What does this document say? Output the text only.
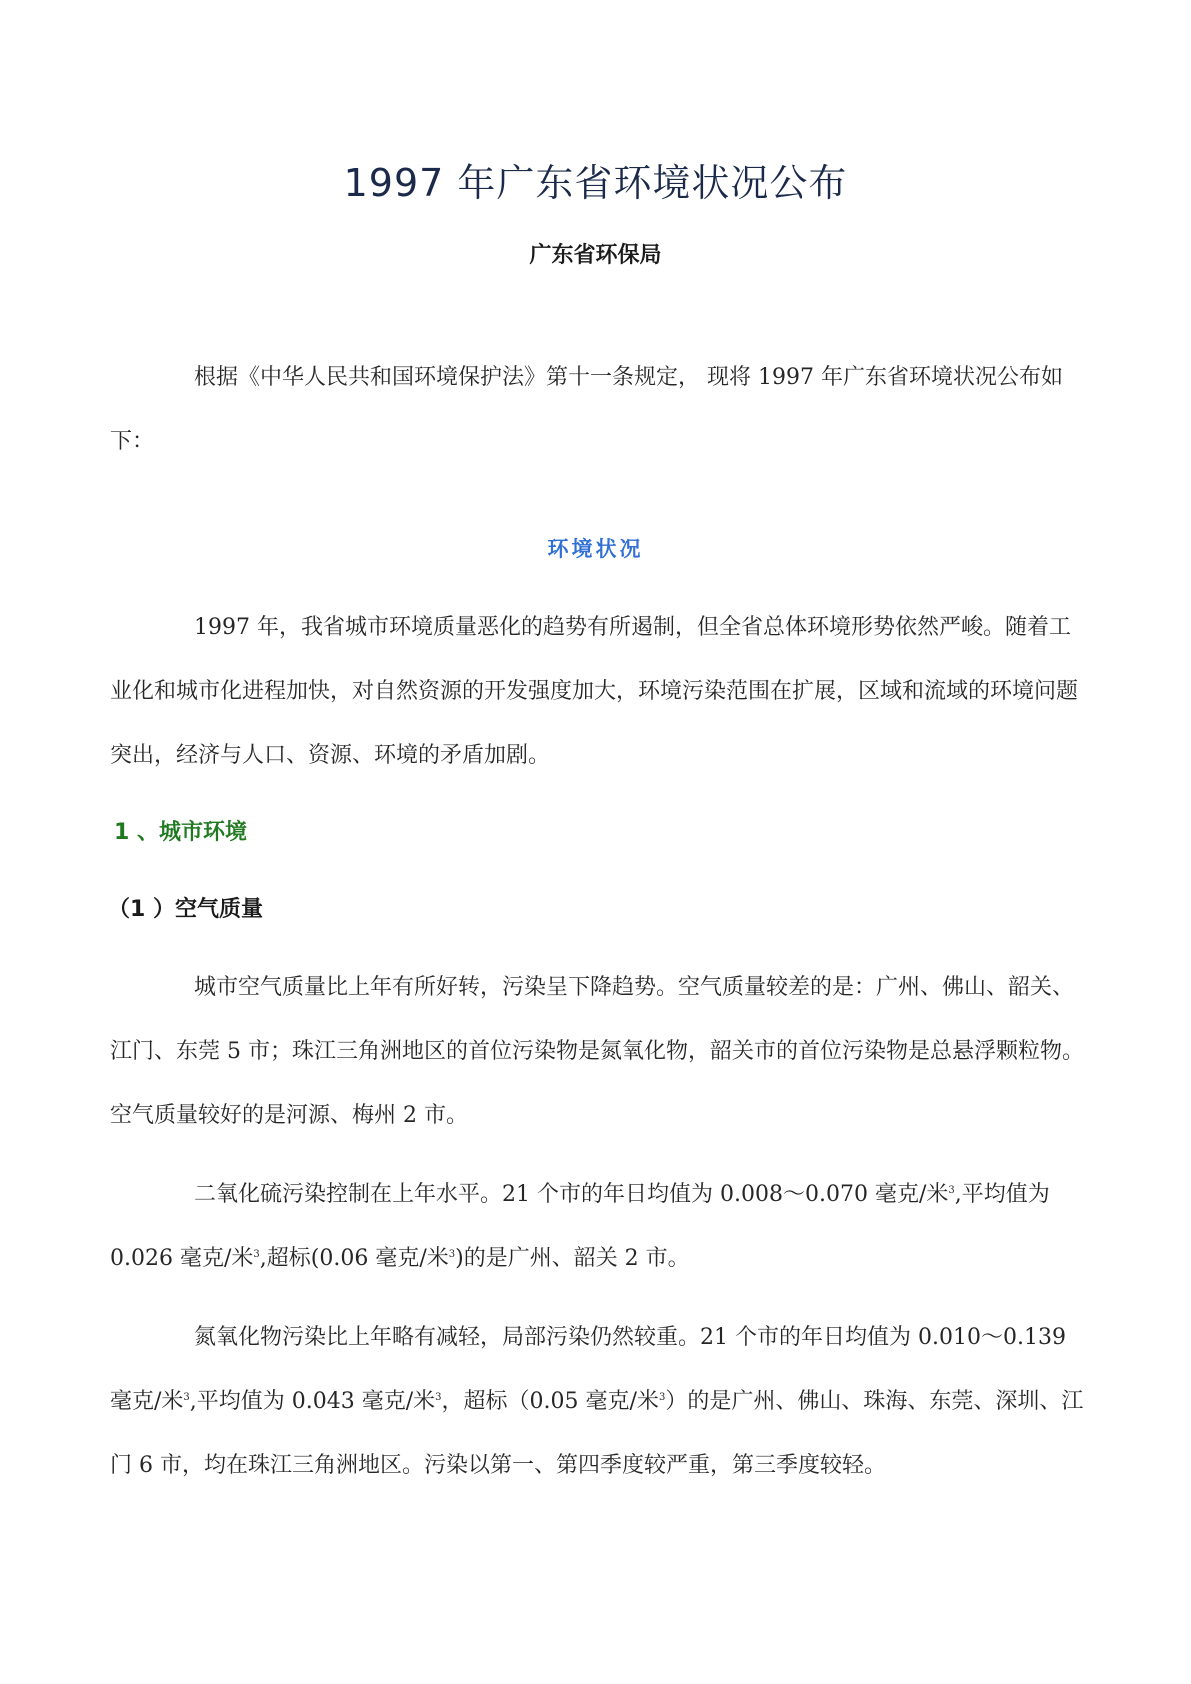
1997 年广东省环境状况公布
广东省环保局

根据《中华人民共和国环境保护法》第十一条规定， 现将 1997 年广东省环境状况公布如下：

环境状况

1997 年，我省城市环境质量恶化的趋势有所遏制，但全省总体环境形势依然严峻。随着工业化和城市化进程加快，对自然资源的开发强度加大，环境污染范围在扩展，区域和流域的环境问题突出，经济与人口、资源、环境的矛盾加剧。

1 、城市环境
（1 ）空气质量

城市空气质量比上年有所好转，污染呈下降趋势。空气质量较差的是：广州、佛山、韶关、江门、东莞 5 市；珠江三角洲地区的首位污染物是氮氧化物，韶关市的首位污染物是总悬浮颗粒物。空气质量较好的是河源、梅州 2 市。

二氧化硫污染控制在上年水平。21 个市的年日均值为 0.008～0.070 毫克/米$^3$,平均值为 0.026 毫克/米$^3$,超标(0.06 毫克/米$^3$)的是广州、韶关 2 市。

氮氧化物污染比上年略有减轻，局部污染仍然较重。21 个市的年日均值为 0.010～0.139 毫克/米$^3$,平均值为 0.043 毫克/米$^3$，超标（0.05 毫克/米$^3$）的是广州、佛山、珠海、东莞、深圳、江门 6 市，均在珠江三角洲地区。污染以第一、第四季度较严重，第三季度较轻。
